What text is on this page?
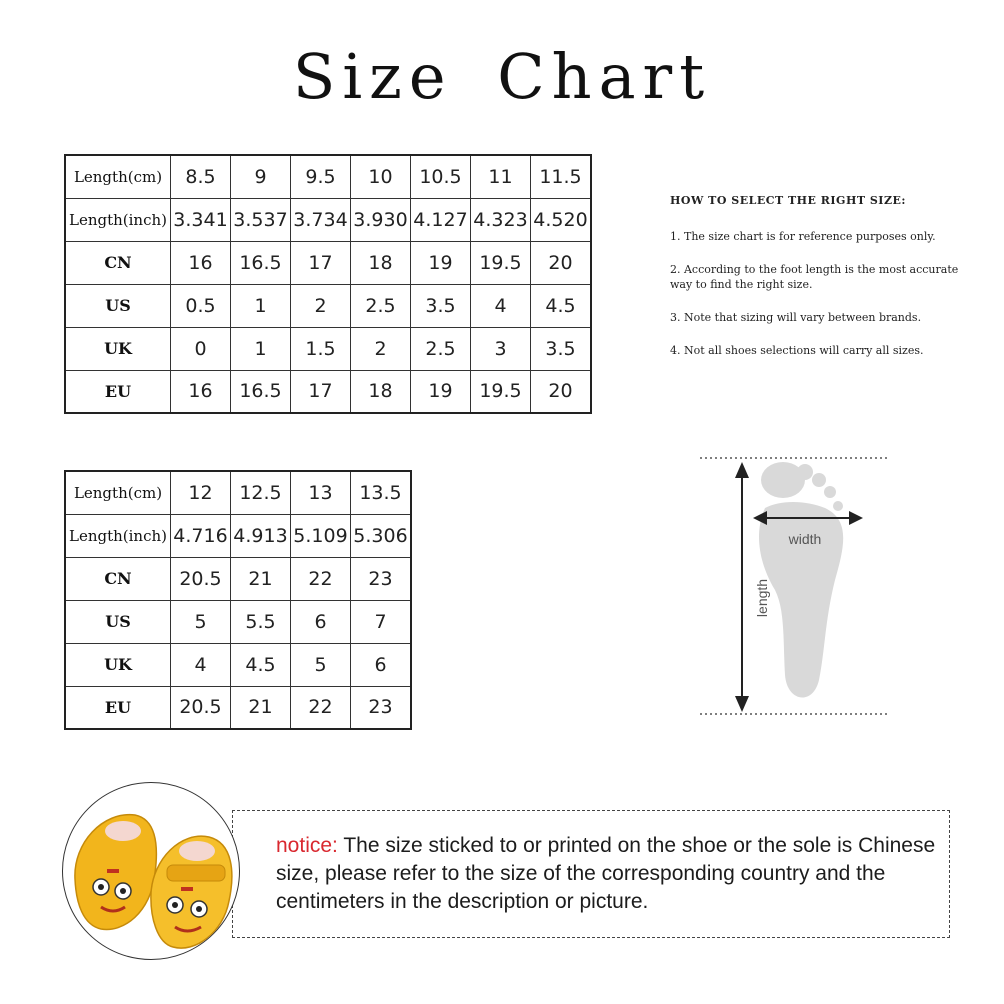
Size Chart
Length(cm)	8.5	9	9.5	10	10.5	11	11.5
Length(inch)	3.341	3.537	3.734	3.930	4.127	4.323	4.520
CN	16	16.5	17	18	19	19.5	20
US	0.5	1	2	2.5	3.5	4	4.5
UK	0	1	1.5	2	2.5	3	3.5
EU	16	16.5	17	18	19	19.5	20
Length(cm)	12	12.5	13	13.5
Length(inch)	4.716	4.913	5.109	5.306
CN	20.5	21	22	23
US	5	5.5	6	7
UK	4	4.5	5	6
EU	20.5	21	22	23
HOW TO SELECT THE RIGHT SIZE:
1. The size chart is for reference purposes only.
2. According to the foot length is the most accurate way to find the right size.
3. Note that sizing will vary between brands.
4. Not all shoes selections will carry all sizes.
width
length
notice: The size sticked to or printed on the shoe or the sole is Chinese size, please refer to the size of the corresponding country and the centimeters in the description or picture.
